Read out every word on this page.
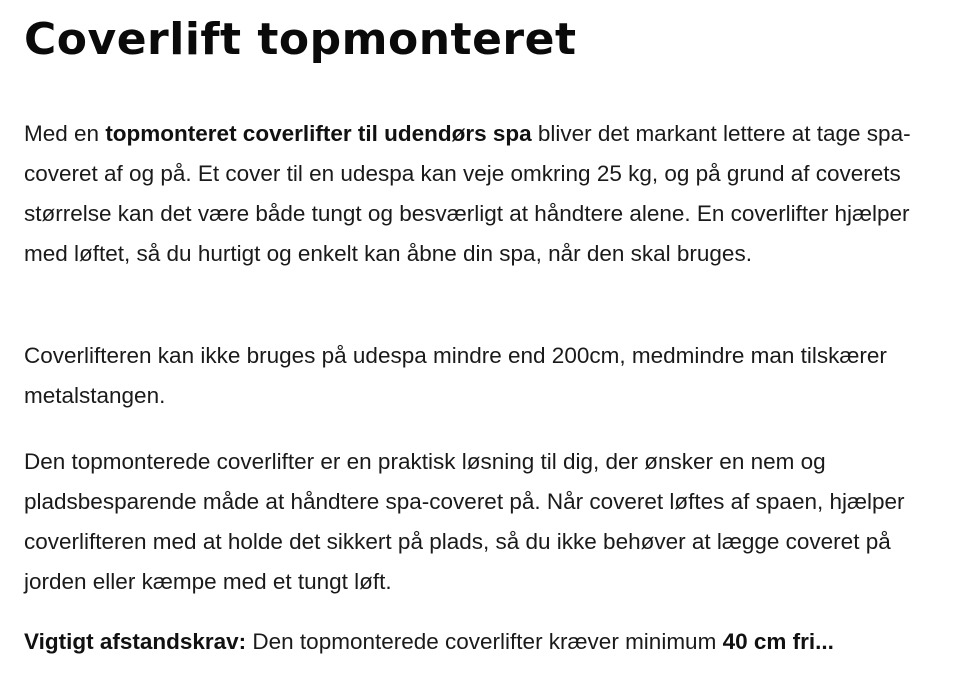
Coverlift topmonteret

Med en topmonteret coverlifter til udendørs spa bliver det markant lettere at tage spa-coveret af og på. Et cover til en udespa kan veje omkring 25 kg, og på grund af coverets størrelse kan det være både tungt og besværligt at håndtere alene. En coverlifter hjælper med løftet, så du hurtigt og enkelt kan åbne din spa, når den skal bruges.

Coverlifteren kan ikke bruges på udespa mindre end 200cm, medmindre man tilskærer metalstangen.

Den topmonterede coverlifter er en praktisk løsning til dig, der ønsker en nem og pladsbesparende måde at håndtere spa-coveret på. Når coveret løftes af spaen, hjælper coverlifteren med at holde det sikkert på plads, så du ikke behøver at lægge coveret på jorden eller kæmpe med et tungt løft.

Vigtigt afstandskrav: Den topmonterede coverlifter kræver minimum 40 cm fri...
